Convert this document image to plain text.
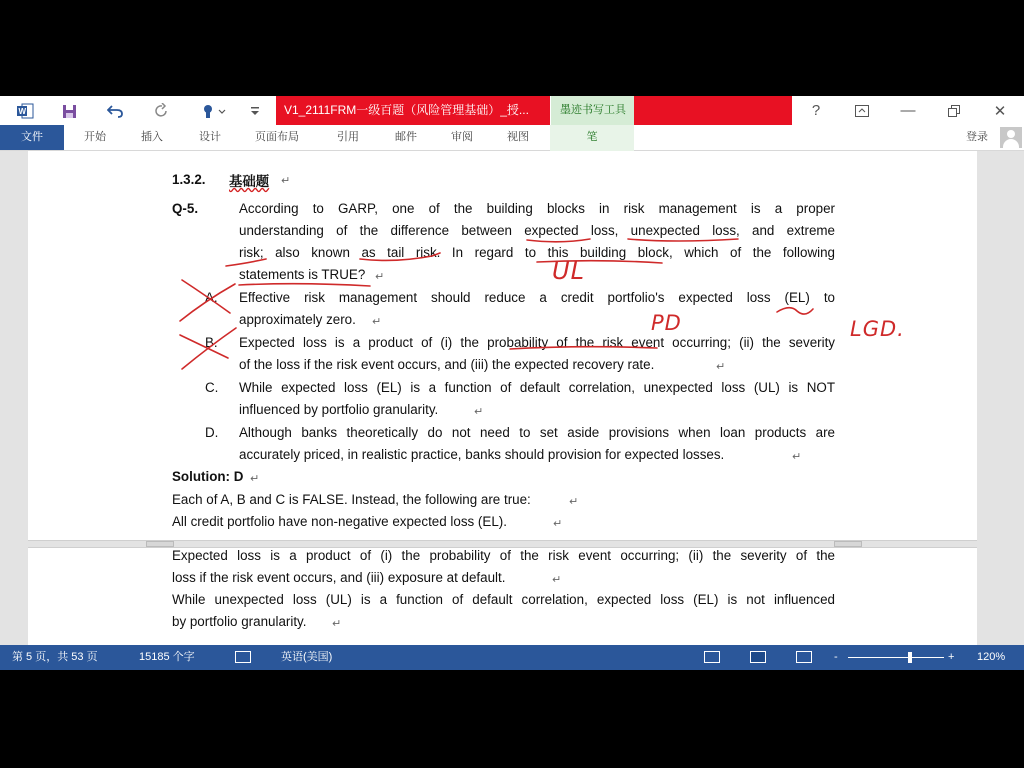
W	V1_2111FRM一级百题（风险管理基础）_授...	墨迹书写工具	?	—	✕
文件	开始	插入	设计	页面布局	引用	邮件	审阅	视图	笔	登录
1.3.2. 基础题 ↵
Q-5.	According to GARP, one of the building blocks in risk management is a proper
understanding of the difference between expected loss, unexpected loss, and extreme
risk; also known as tail risk. In regard to this building block, which of the following
statements is TRUE? ↵
A. Effective risk management should reduce a credit portfolio's expected loss (EL) to
approximately zero. ↵
B. Expected loss is a product of (i) the probability of the risk event occurring; (ii) the severity
of the loss if the risk event occurs, and (iii) the expected recovery rate.	↵
C. While expected loss (EL) is a function of default correlation, unexpected loss (UL) is NOT
influenced by portfolio granularity.	↵
D. Although banks theoretically do not need to set aside provisions when loan products are
accurately priced, in realistic practice, banks should provision for expected losses.	↵
Solution: D ↵
Each of A, B and C is FALSE. Instead, the following are true:	↵
All credit portfolio have non-negative expected loss (EL).	↵
Expected loss is a product of (i) the probability of the risk event occurring; (ii) the severity of the
loss if the risk event occurs, and (iii) exposure at default.	↵
While unexpected loss (UL) is a function of default correlation, expected loss (EL) is not influenced
by portfolio granularity. ↵
UL
PD	LGD.
第 5 页，共 53 页	15185 个字	英语(美国)	-	+ 120%
